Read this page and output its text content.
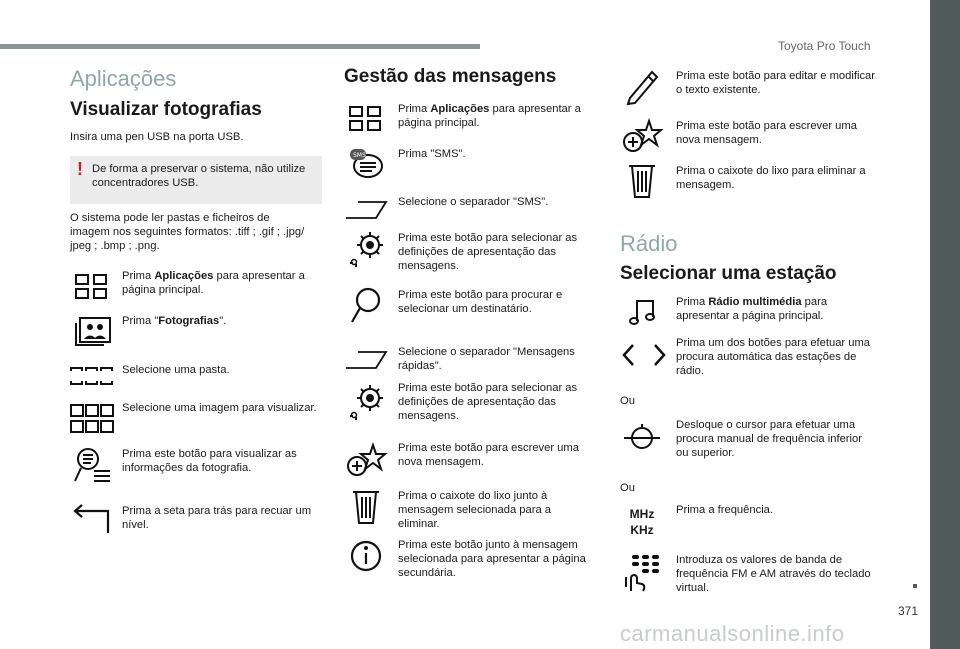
Toyota Pro Touch
Aplicações
Visualizar fotografias
Insira uma pen USB na porta USB.
! De forma a preservar o sistema, não utilize concentradores USB.
O sistema pode ler pastas e ficheiros de
imagem nos seguintes formatos: .tiff ; .gif ; .jpg/
jpeg ; .bmp ; .png.
Prima Aplicações para apresentar a página principal.
Prima "Fotografias".
Selecione uma pasta.
Selecione uma imagem para visualizar.
Prima este botão para visualizar as informações da fotografia.
Prima a seta para trás para recuar um nível.
Gestão das mensagens
Prima Aplicações para apresentar a página principal.
SMS	Prima "SMS".
Selecione o separador "SMS".
Prima este botão para selecionar as definições de apresentação das mensagens.
Prima este botão para procurar e selecionar um destinatário.
Selecione o separador "Mensagens rápidas".
Prima este botão para selecionar as definições de apresentação das mensagens.
Prima este botão para escrever uma nova mensagem.
Prima o caixote do lixo junto à mensagem selecionada para a eliminar.
Prima este botão junto à mensagem selecionada para apresentar a página secundária.
Prima este botão para editar e modificar o texto existente.
Prima este botão para escrever uma nova mensagem.
Prima o caixote do lixo para eliminar a mensagem.
Rádio
Selecionar uma estação
Prima Rádio multimédia para apresentar a página principal.
Prima um dos botões para efetuar uma procura automática das estações de rádio.
Ou
Desloque o cursor para efetuar uma procura manual de frequência inferior ou superior.
Ou
MHz
KHz
Prima a frequência.
Introduza os valores de banda de frequência FM e AM através do teclado virtual.
371
carmanualsonline.info
